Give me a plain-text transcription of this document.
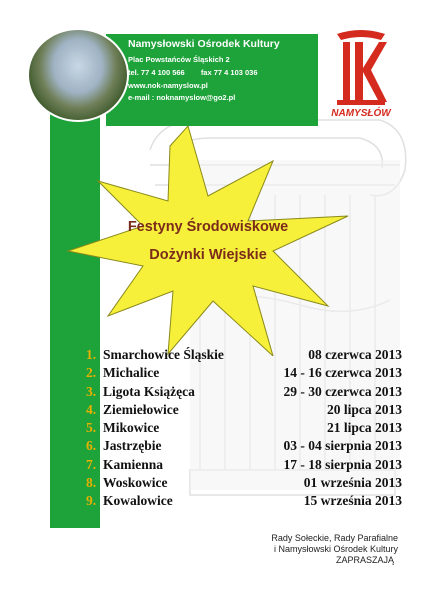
Namysłowski Ośrodek Kultury
Plac Powstańców Śląskich 2
tel. 77 4 100 566 fax 77 4 103 036
www.nok-namyslow.pl
e-mail : noknamyslow@go2.pl
NAMYSŁÓW
Festyny Środowiskowe
Dożynki Wiejskie
1. Smarchowice Śląskie	08 czerwca 2013
2. Michalice	14 - 16 czerwca 2013
3. Ligota Książęca	29 - 30 czerwca 2013
4. Ziemiełowice	20 lipca 2013
5. Mikowice	21 lipca 2013
6. Jastrzębie	03 - 04 sierpnia 2013
7. Kamienna	17 - 18 sierpnia 2013
8. Woskowice	01 września 2013
9. Kowalowice	15 września 2013
Rady Sołeckie, Rady Parafialne
i Namysłowski Ośrodek Kultury
ZAPRASZAJĄ
